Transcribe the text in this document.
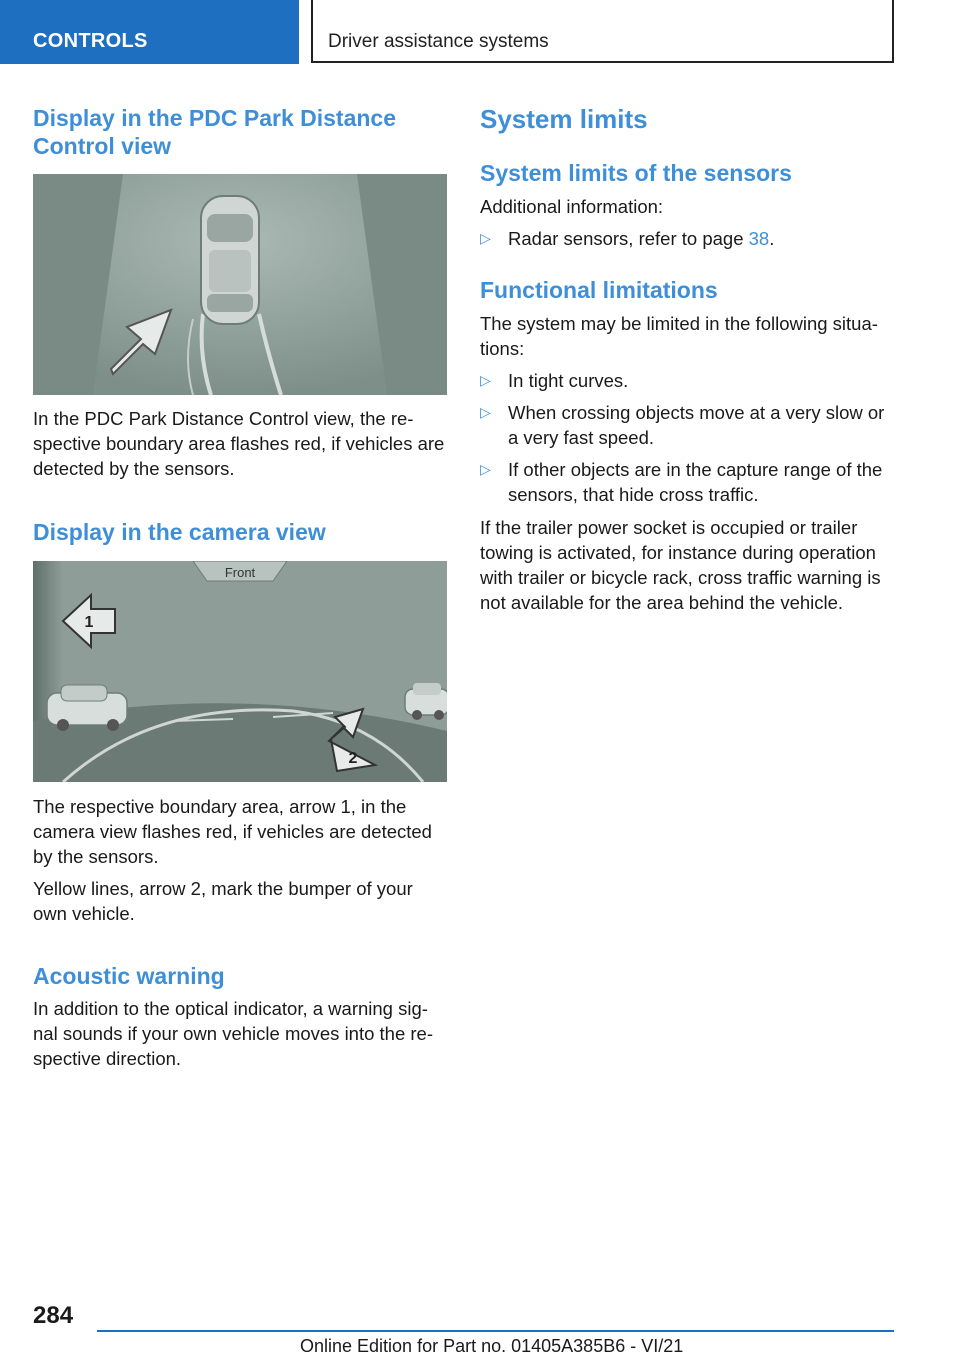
CONTROLS	Driver assistance systems
Display in the PDC Park Distance Control view

In the PDC Park Distance Control view, the re-spective boundary area flashes red, if vehicles are detected by the sensors.

Display in the camera view
Front
1
2

The respective boundary area, arrow 1, in the camera view flashes red, if vehicles are detected by the sensors.

Yellow lines, arrow 2, mark the bumper of your own vehicle.

Acoustic warning

In addition to the optical indicator, a warning sig-nal sounds if your own vehicle moves into the re-spective direction.

System limits
System limits of the sensors

Additional information:

▷ Radar sensors, refer to page 38.
Functional limitations

The system may be limited in the following situa-tions:

▷ In tight curves.
▷ When crossing objects move at a very slow or a very fast speed.
▷ If other objects are in the capture range of the sensors, that hide cross traffic.

If the trailer power socket is occupied or trailer towing is activated, for instance during operation with trailer or bicycle rack, cross traffic warning is not available for the area behind the vehicle.

284
Online Edition for Part no. 01405A385B6 - VI/21
